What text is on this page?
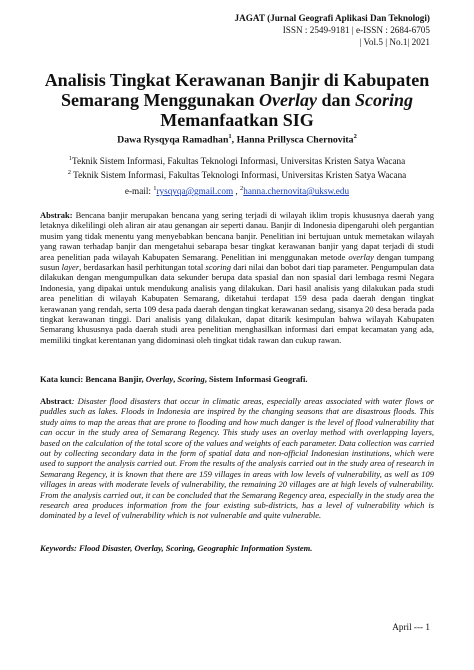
JAGAT (Jurnal Geografi Aplikasi Dan Teknologi)
ISSN : 2549-9181 | e-ISSN : 2684-6705
| Vol.5 | No.1| 2021
Analisis Tingkat Kerawanan Banjir di Kabupaten
Semarang Menggunakan Overlay dan Scoring
Memanfaatkan SIG
Dawa Rysqyqa Ramadhan$^1$, Hanna Prillysca Chernovita$^2$
$^1$Teknik Sistem Informasi, Fakultas Teknologi Informasi, Universitas Kristen Satya Wacana
$^2$ Teknik Sistem Informasi, Fakultas Teknologi Informasi, Universitas Kristen Satya Wacana
e-mail: $^1$rysqyqa@gmail.com , $^2$hanna.chernovita@uksw.edu
Abstrak: Bencana banjir merupakan bencana yang sering terjadi di wilayah iklim tropis khususnya daerah yang letaknya dikelilingi oleh aliran air atau genangan air seperti danau. Banjir di Indonesia dipengaruhi oleh pergantian musim yang tidak menentu yang menyebabkan bencana banjir. Penelitian ini bertujuan untuk memetakan wilayah yang rawan terhadap banjir dan mengetahui sebarapa besar tingkat kerawanan banjir yang dapat terjadi di studi area penelitian pada wilayah Kabupaten Semarang. Penelitian ini menggunakan metode overlay dengan tumpang susun layer, berdasarkan hasil perhitungan total scoring dari nilai dan bobot dari tiap parameter. Pengumpulan data dilakukan dengan mengumpulkan data sekunder berupa data spasial dan non spasial dari lembaga resmi Negara Indonesia, yang dipakai untuk mendukung analisis yang dilakukan. Dari hasil analisis yang dilakukan pada studi area penelitian di wilayah Kabupaten Semarang, diketahui terdapat 159 desa pada daerah dengan tingkat kerawanan yang rendah, serta 109 desa pada daerah dengan tingkat kerawanan sedang, sisanya 20 desa berada pada tingkat kerawanan tinggi. Dari analisis yang dilakukan, dapat ditarik kesimpulan bahwa wilayah Kabupaten Semarang khususnya pada daerah studi area penelitian menghasilkan informasi dari empat kecamatan yang ada, memiliki tingkat kerentanan yang didominasi oleh tingkat tidak rawan dan cukup rawan.
Kata kunci: Bencana Banjir, Overlay, Scoring, Sistem Informasi Geografi.
Abstract: Disaster flood disasters that occur in climatic areas, especially areas associated with water flows or puddles such as lakes. Floods in Indonesia are inspired by the changing seasons that are disastrous floods. This study aims to map the areas that are prone to flooding and how much danger is the level of flood vulnerability that can occur in the study area of Semarang Regency. This study uses an overlay method with overlapping layers, based on the calculation of the total score of the values and weights of each parameter. Data collection was carried out by collecting secondary data in the form of spatial data and non-official Indonesian institutions, which were used to support the analysis carried out. From the results of the analysis carried out in the study area of research in Semarang Regency, it is known that there are 159 villages in areas with low levels of vulnerability, as well as 109 villages in areas with moderate levels of vulnerability, the remaining 20 villages are at high levels of vulnerability. From the analysis carried out, it can be concluded that the Semarang Regency area, especially in the study area the research area produces information from the four existing sub-districts, has a level of vulnerability which is dominated by a level of vulnerability which is not vulnerable and quite vulnerable.
Keywords: Flood Disaster, Overlay, Scoring, Geographic Information System.
April --- 1
